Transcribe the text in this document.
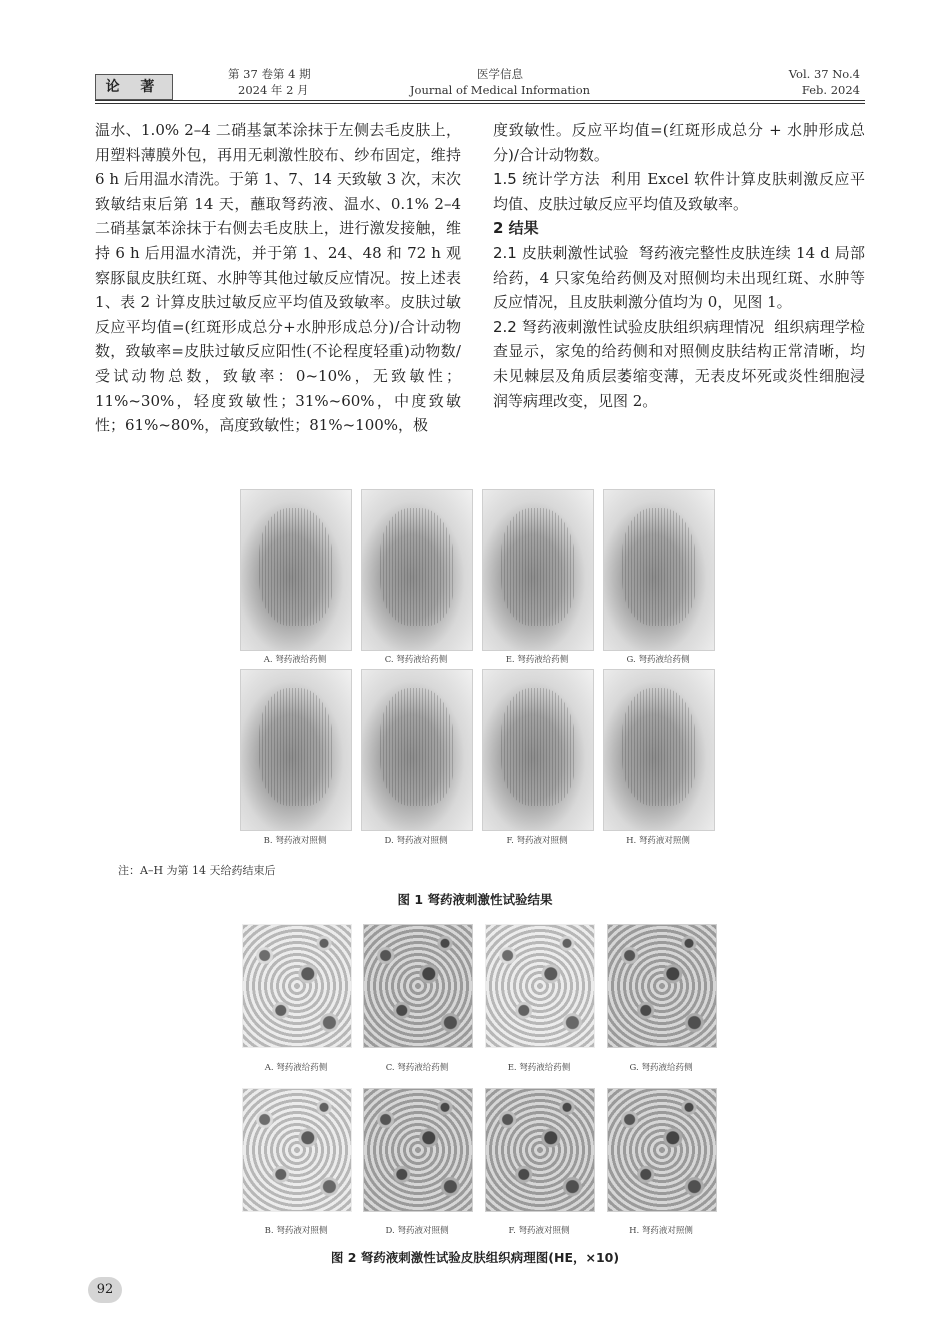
论 著
第 37 卷第 4 期
2024 年 2 月
医学信息
Journal of Medical Information
Vol. 37 No.4
Feb. 2024

温水、1.0% 2–4 二硝基氯苯涂抹于左侧去毛皮肤上，用塑料薄膜外包，再用无刺激性胶布、纱布固定，维持 6 h 后用温水清洗。于第 1、7、14 天致敏 3 次，末次致敏结束后第 14 天，蘸取弩药液、温水、0.1% 2–4 二硝基氯苯涂抹于右侧去毛皮肤上，进行激发接触，维持 6 h 后用温水清洗，并于第 1、24、48 和 72 h 观察豚鼠皮肤红斑、水肿等其他过敏反应情况。按上述表 1、表 2 计算皮肤过敏反应平均值及致敏率。皮肤过敏反应平均值=(红斑形成总分+水肿形成总分)/合计动物数，致敏率=皮肤过敏反应阳性(不论程度轻重)动物数/受试动物总数，致敏率：0~10%，无致敏性；11%~30%，轻度致敏性；31%~60%，中度致敏性；61%~80%，高度致敏性；81%~100%，极

度致敏性。反应平均值=(红斑形成总分 + 水肿形成总分)/合计动物数。

1.5 统计学方法 利用 Excel 软件计算皮肤刺激反应平均值、皮肤过敏反应平均值及致敏率。

2 结果

2.1 皮肤刺激性试验 弩药液完整性皮肤连续 14 d 局部给药，4 只家兔给药侧及对照侧均未出现红斑、水肿等反应情况，且皮肤刺激分值均为 0，见图 1。

2.2 弩药液刺激性试验皮肤组织病理情况 组织病理学检查显示，家兔的给药侧和对照侧皮肤结构正常清晰，均未见棘层及角质层萎缩变薄，无表皮坏死或炎性细胞浸润等病理改变，见图 2。

A. 弩药液给药侧	C. 弩药液给药侧	E. 弩药液给药侧	G. 弩药液给药侧
B. 弩药液对照侧	D. 弩药液对照侧	F. 弩药液对照侧	H. 弩药液对照侧
注：A–H 为第 14 天给药结束后
图 1 弩药液刺激性试验结果
A. 弩药液给药侧	C. 弩药液给药侧	E. 弩药液给药侧	G. 弩药液给药侧
B. 弩药液对照侧	D. 弩药液对照侧	F. 弩药液对照侧	H. 弩药液对照侧
图 2 弩药液刺激性试验皮肤组织病理图(HE，×10)
92
